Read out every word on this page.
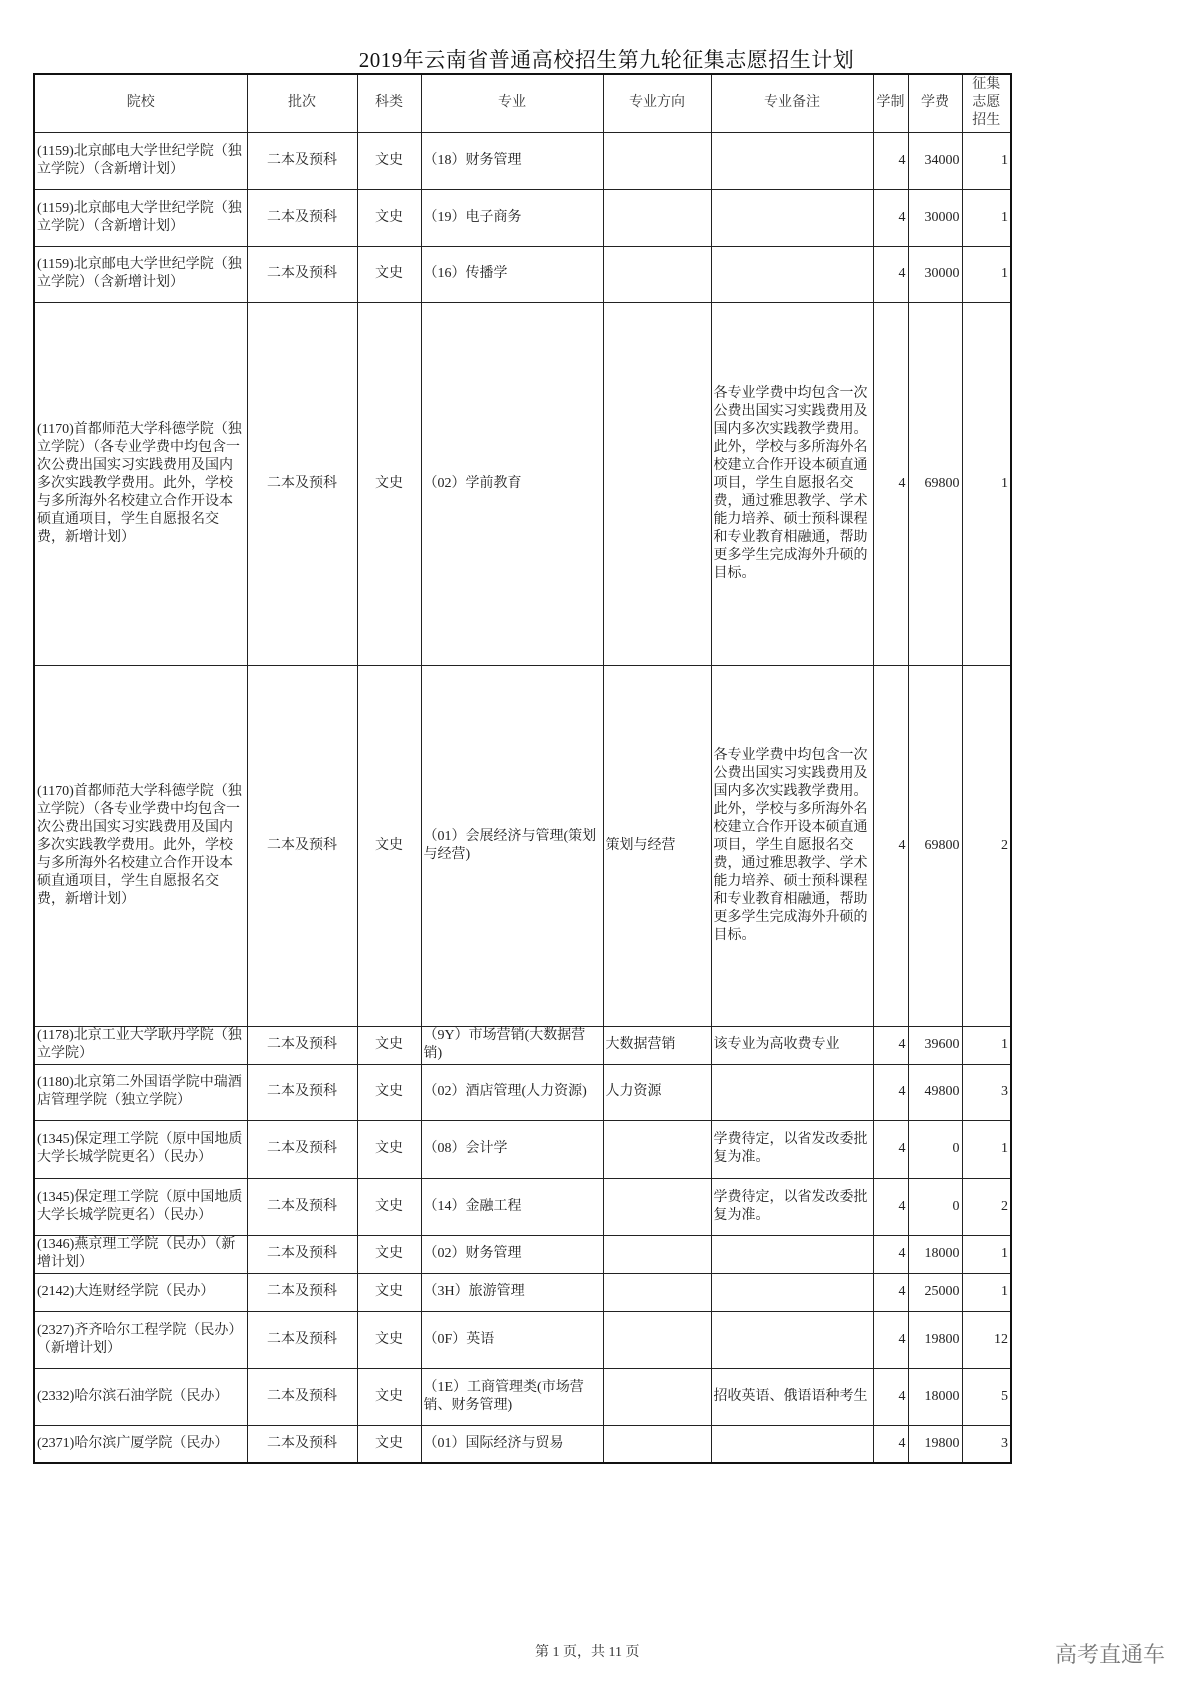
2019年云南省普通高校招生第九轮征集志愿招生计划
院校	批次	科类	专业	专业方向	专业备注	学制	学费	征集志愿招生
(1159)北京邮电大学世纪学院（独立学院）（含新增计划）	二本及预科	文史	（18）财务管理			4	34000	1
(1159)北京邮电大学世纪学院（独立学院）（含新增计划）	二本及预科	文史	（19）电子商务			4	30000	1
(1159)北京邮电大学世纪学院（独立学院）（含新增计划）	二本及预科	文史	（16）传播学			4	30000	1
(1170)首都师范大学科德学院（独立学院）（各专业学费中均包含一次公费出国实习实践费用及国内多次实践教学费用。此外，学校与多所海外名校建立合作开设本硕直通项目，学生自愿报名交费，新增计划）	二本及预科	文史	（02）学前教育		各专业学费中均包含一次公费出国实习实践费用及国内多次实践教学费用。此外，学校与多所海外名校建立合作开设本硕直通项目，学生自愿报名交费，通过雅思教学、学术能力培养、硕士预科课程和专业教育相融通，帮助更多学生完成海外升硕的目标。	4	69800	1
(1170)首都师范大学科德学院（独立学院）（各专业学费中均包含一次公费出国实习实践费用及国内多次实践教学费用。此外，学校与多所海外名校建立合作开设本硕直通项目，学生自愿报名交费，新增计划）	二本及预科	文史	（01）会展经济与管理(策划与经营)	策划与经营	各专业学费中均包含一次公费出国实习实践费用及国内多次实践教学费用。此外，学校与多所海外名校建立合作开设本硕直通项目，学生自愿报名交费，通过雅思教学、学术能力培养、硕士预科课程和专业教育相融通，帮助更多学生完成海外升硕的目标。	4	69800	2
(1178)北京工业大学耿丹学院（独立学院）	二本及预科	文史	（9Y）市场营销(大数据营销)	大数据营销	该专业为高收费专业	4	39600	1
(1180)北京第二外国语学院中瑞酒店管理学院（独立学院）	二本及预科	文史	（02）酒店管理(人力资源)	人力资源		4	49800	3
(1345)保定理工学院（原中国地质大学长城学院更名）（民办）	二本及预科	文史	（08）会计学		学费待定，以省发改委批复为准。	4	0	1
(1345)保定理工学院（原中国地质大学长城学院更名）（民办）	二本及预科	文史	（14）金融工程		学费待定，以省发改委批复为准。	4	0	2
(1346)燕京理工学院（民办）（新增计划）	二本及预科	文史	（02）财务管理			4	18000	1
(2142)大连财经学院（民办）	二本及预科	文史	（3H）旅游管理			4	25000	1
(2327)齐齐哈尔工程学院（民办）（新增计划）	二本及预科	文史	（0F）英语			4	19800	12
(2332)哈尔滨石油学院（民办）	二本及预科	文史	（1E）工商管理类(市场营销、财务管理)		招收英语、俄语语种考生	4	18000	5
(2371)哈尔滨广厦学院（民办）	二本及预科	文史	（01）国际经济与贸易			4	19800	3
第 1 页，共 11 页	高考直通车
